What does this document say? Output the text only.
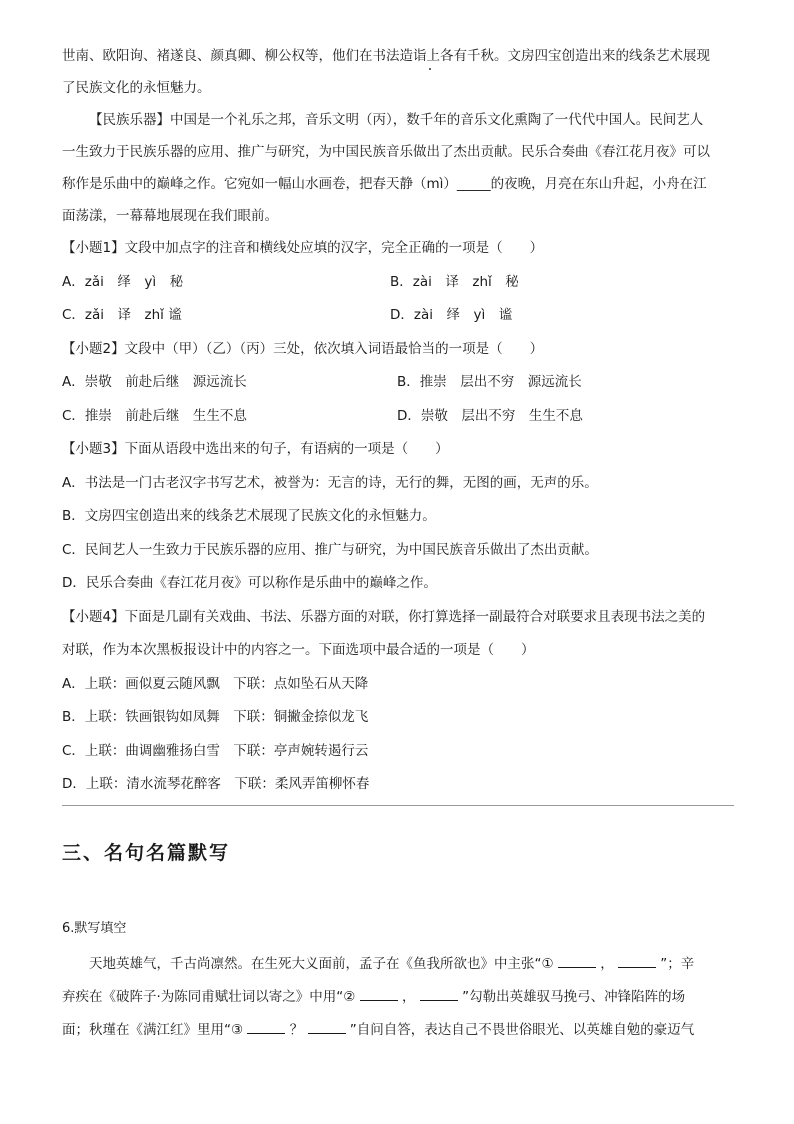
世南、欧阳询、褚遂良、颜真卿、柳公权等，他们在书法造诣上各有千秋。文房四宝创造出来的线条艺术展现

了民族文化的永恒魅力。

【民族乐器】中国是一个礼乐之邦，音乐文明（丙），数千年的音乐文化熏陶了一代代中国人。民间艺人

一生致力于民族乐器的应用、推广与研究，为中国民族音乐做出了杰出贡献。民乐合奏曲《春江花月夜》可以

称作是乐曲中的巅峰之作。它宛如一幅山水画卷，把春天静（mì）_____的夜晚，月亮在东山升起，小舟在江

面荡漾，一幕幕地展现在我们眼前。

【小题1】文段中加点字的注音和横线处应填的汉字，完全正确的一项是（　　）

A．zǎi　绎　yì　秘	B．zài　译　zhǐ　秘
C．zǎi　译　zhǐ 谧	D．zài　绎　yì　谧

【小题2】文段中（甲）（乙）（丙）三处，依次填入词语最恰当的一项是（　　）

A．崇敬　前赴后继　源远流长	B．推崇　层出不穷　源远流长
C．推崇　前赴后继　生生不息	D．崇敬　层出不穷　生生不息

【小题3】下面从语段中选出来的句子，有语病的一项是（　　）

A．书法是一门古老汉字书写艺术，被誉为：无言的诗，无行的舞，无图的画，无声的乐。

B．文房四宝创造出来的线条艺术展现了民族文化的永恒魅力。

C．民间艺人一生致力于民族乐器的应用、推广与研究，为中国民族音乐做出了杰出贡献。

D．民乐合奏曲《春江花月夜》可以称作是乐曲中的巅峰之作。

【小题4】下面是几副有关戏曲、书法、乐器方面的对联，你打算选择一副最符合对联要求且表现书法之美的

对联，作为本次黑板报设计中的内容之一。下面选项中最合适的一项是（　　）

A．上联：画似夏云随风飘　下联：点如坠石从天降

B．上联：铁画银钩如凤舞　下联：铜撇金捺似龙飞

C．上联：曲调幽雅扬白雪　下联：亭声婉转遏行云

D．上联：清水流琴花醉客　下联：柔风弄笛柳怀春

三、名句名篇默写

6.默写填空

天地英雄气，千古尚凛然。在生死大义面前，孟子在《鱼我所欲也》中主张“①	，	”；辛

弃疾在《破阵子·为陈同甫赋壮词以寄之》中用“②	，	”勾勒出英雄驭马挽弓、冲锋陷阵的场

面；秋瑾在《满江红》里用“③	？	”自问自答，表达自己不畏世俗眼光、以英雄自勉的豪迈气
